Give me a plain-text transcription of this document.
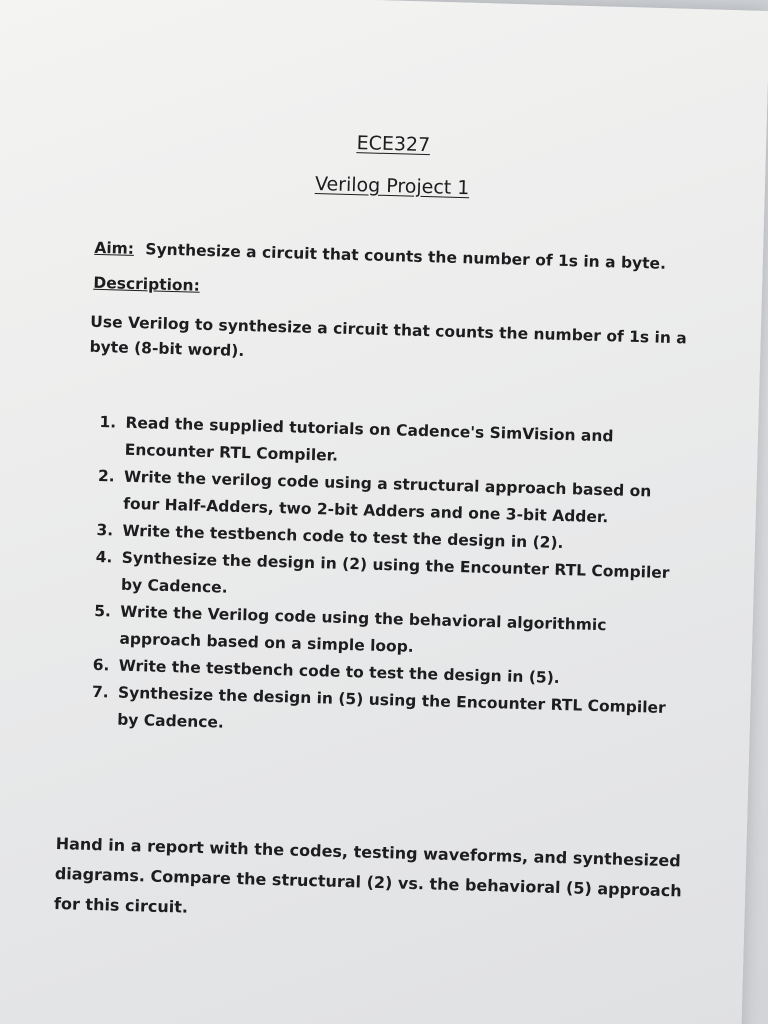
ECE327
Verilog Project 1
Aim: Synthesize a circuit that counts the number of 1s in a byte.
Description:
Use Verilog to synthesize a circuit that counts the number of 1s in a byte (8-bit word).
1. Read the supplied tutorials on Cadence's SimVision and Encounter RTL Compiler.
2. Write the verilog code using a structural approach based on four Half-Adders, two 2-bit Adders and one 3-bit Adder.
3. Write the testbench code to test the design in (2).
4. Synthesize the design in (2) using the Encounter RTL Compiler by Cadence.
5. Write the Verilog code using the behavioral algorithmic approach based on a simple loop.
6. Write the testbench code to test the design in (5).
7. Synthesize the design in (5) using the Encounter RTL Compiler by Cadence.
Hand in a report with the codes, testing waveforms, and synthesized diagrams. Compare the structural (2) vs. the behavioral (5) approach for this circuit.
